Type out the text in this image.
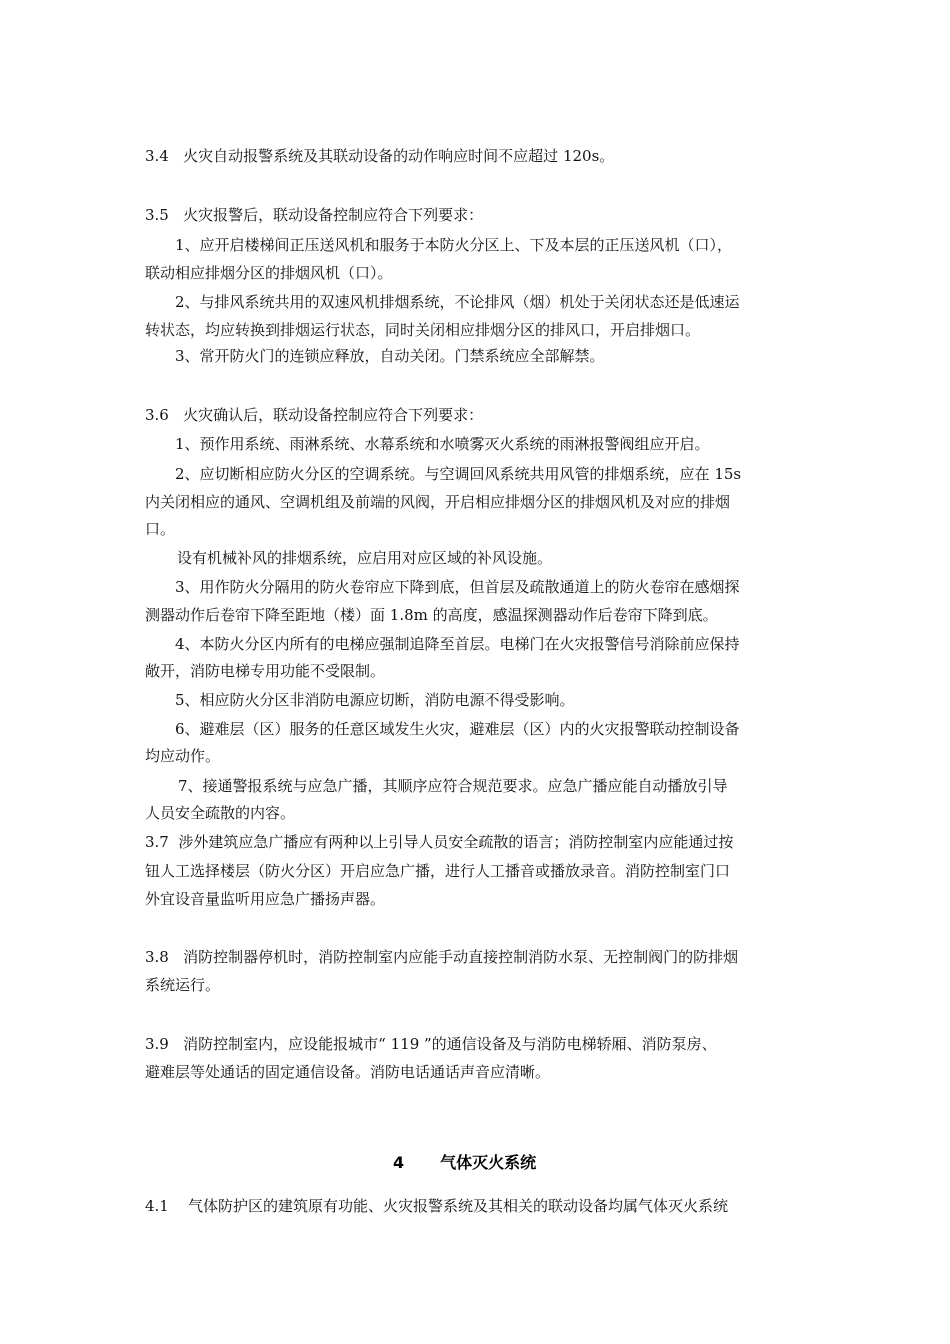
3.4 火灾自动报警系统及其联动设备的动作响应时间不应超过 120s。
3.5 火灾报警后，联动设备控制应符合下列要求：
1、应开启楼梯间正压送风机和服务于本防火分区上、下及本层的正压送风机（口），
联动相应排烟分区的排烟风机（口）。
2、与排风系统共用的双速风机排烟系统，不论排风（烟）机处于关闭状态还是低速运
转状态，均应转换到排烟运行状态，同时关闭相应排烟分区的排风口，开启排烟口。
3、常开防火门的连锁应释放，自动关闭。门禁系统应全部解禁。
3.6 火灾确认后，联动设备控制应符合下列要求：
1、预作用系统、雨淋系统、水幕系统和水喷雾灭火系统的雨淋报警阀组应开启。
2、应切断相应防火分区的空调系统。与空调回风系统共用风管的排烟系统，应在 15s
内关闭相应的通风、空调机组及前端的风阀，开启相应排烟分区的排烟风机及对应的排烟
口。
设有机械补风的排烟系统，应启用对应区域的补风设施。
3、用作防火分隔用的防火卷帘应下降到底，但首层及疏散通道上的防火卷帘在感烟探
测器动作后卷帘下降至距地（楼）面 1.8m 的高度，感温探测器动作后卷帘下降到底。
4、本防火分区内所有的电梯应强制追降至首层。电梯门在火灾报警信号消除前应保持
敞开，消防电梯专用功能不受限制。
5、相应防火分区非消防电源应切断，消防电源不得受影响。
6、避难层（区）服务的任意区域发生火灾，避难层（区）内的火灾报警联动控制设备
均应动作。
7、接通警报系统与应急广播，其顺序应符合规范要求。应急广播应能自动播放引导
人员安全疏散的内容。
3.7 涉外建筑应急广播应有两种以上引导人员安全疏散的语言；消防控制室内应能通过按
钮人工选择楼层（防火分区）开启应急广播，进行人工播音或播放录音。消防控制室门口
外宜设音量监听用应急广播扬声器。
3.8 消防控制器停机时，消防控制室内应能手动直接控制消防水泵、无控制阀门的防排烟
系统运行。
3.9 消防控制室内，应设能报城市“ 119 ”的通信设备及与消防电梯轿厢、消防泵房、
避难层等处通话的固定通信设备。消防电话通话声音应清晰。
4 气体灭火系统
4.1 气体防护区的建筑原有功能、火灾报警系统及其相关的联动设备均属气体灭火系统
